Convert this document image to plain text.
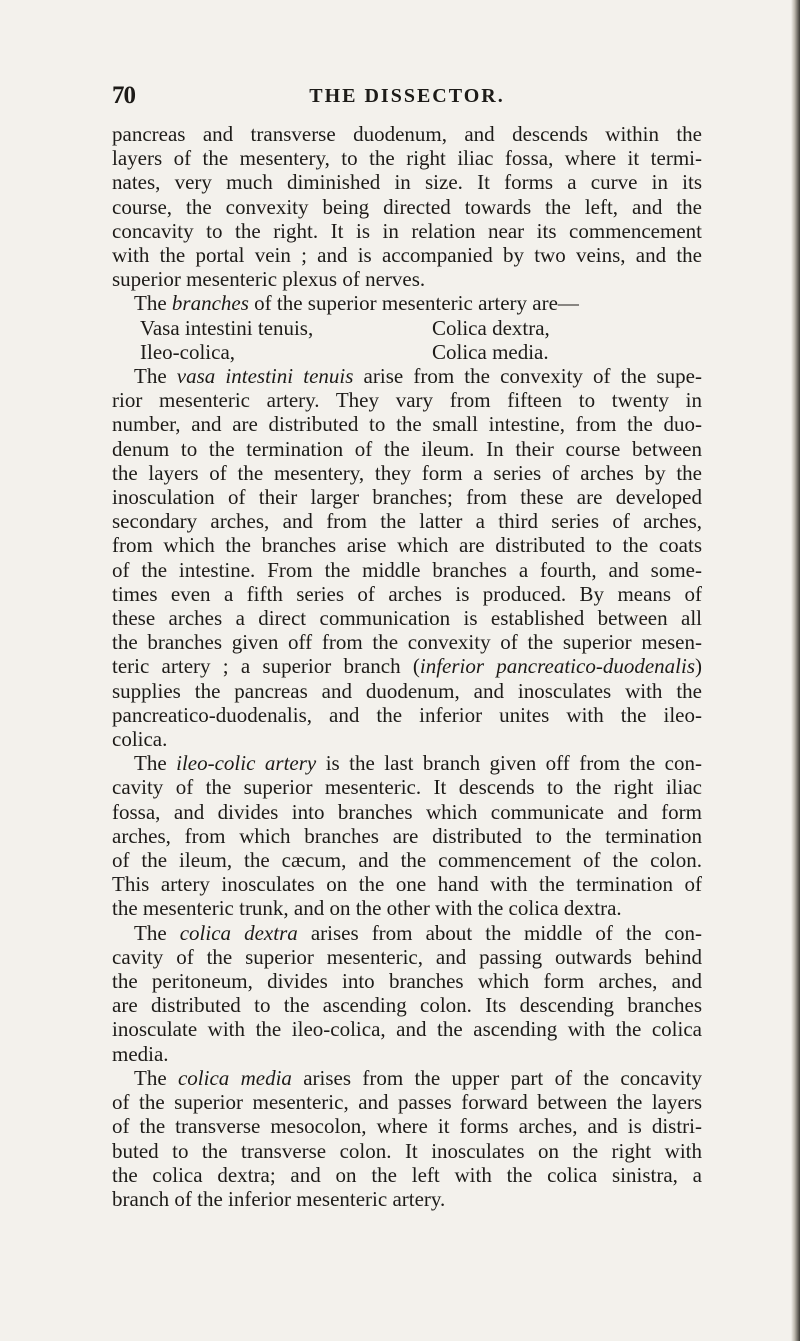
70	THE DISSECTOR.
pancreas and transverse duodenum, and descends within the
layers of the mesentery, to the right iliac fossa, where it termi-
nates, very much diminished in size. It forms a curve in its
course, the convexity being directed towards the left, and the
concavity to the right. It is in relation near its commencement
with the portal vein ; and is accompanied by two veins, and the
superior mesenteric plexus of nerves.
The branches of the superior mesenteric artery are—
Vasa intestini tenuis,	Colica dextra,
Ileo-colica,	Colica media.
The vasa intestini tenuis arise from the convexity of the supe-
rior mesenteric artery. They vary from fifteen to twenty in
number, and are distributed to the small intestine, from the duo-
denum to the termination of the ileum. In their course between
the layers of the mesentery, they form a series of arches by the
inosculation of their larger branches; from these are developed
secondary arches, and from the latter a third series of arches,
from which the branches arise which are distributed to the coats
of the intestine. From the middle branches a fourth, and some-
times even a fifth series of arches is produced. By means of
these arches a direct communication is established between all
the branches given off from the convexity of the superior mesen-
teric artery ; a superior branch (inferior pancreatico-duodenalis)
supplies the pancreas and duodenum, and inosculates with the
pancreatico-duodenalis, and the inferior unites with the ileo-
colica.
The ileo-colic artery is the last branch given off from the con-
cavity of the superior mesenteric. It descends to the right iliac
fossa, and divides into branches which communicate and form
arches, from which branches are distributed to the termination
of the ileum, the cæcum, and the commencement of the colon.
This artery inosculates on the one hand with the termination of
the mesenteric trunk, and on the other with the colica dextra.
The colica dextra arises from about the middle of the con-
cavity of the superior mesenteric, and passing outwards behind
the peritoneum, divides into branches which form arches, and
are distributed to the ascending colon. Its descending branches
inosculate with the ileo-colica, and the ascending with the colica
media.
The colica media arises from the upper part of the concavity
of the superior mesenteric, and passes forward between the layers
of the transverse mesocolon, where it forms arches, and is distri-
buted to the transverse colon. It inosculates on the right with
the colica dextra; and on the left with the colica sinistra, a
branch of the inferior mesenteric artery.
